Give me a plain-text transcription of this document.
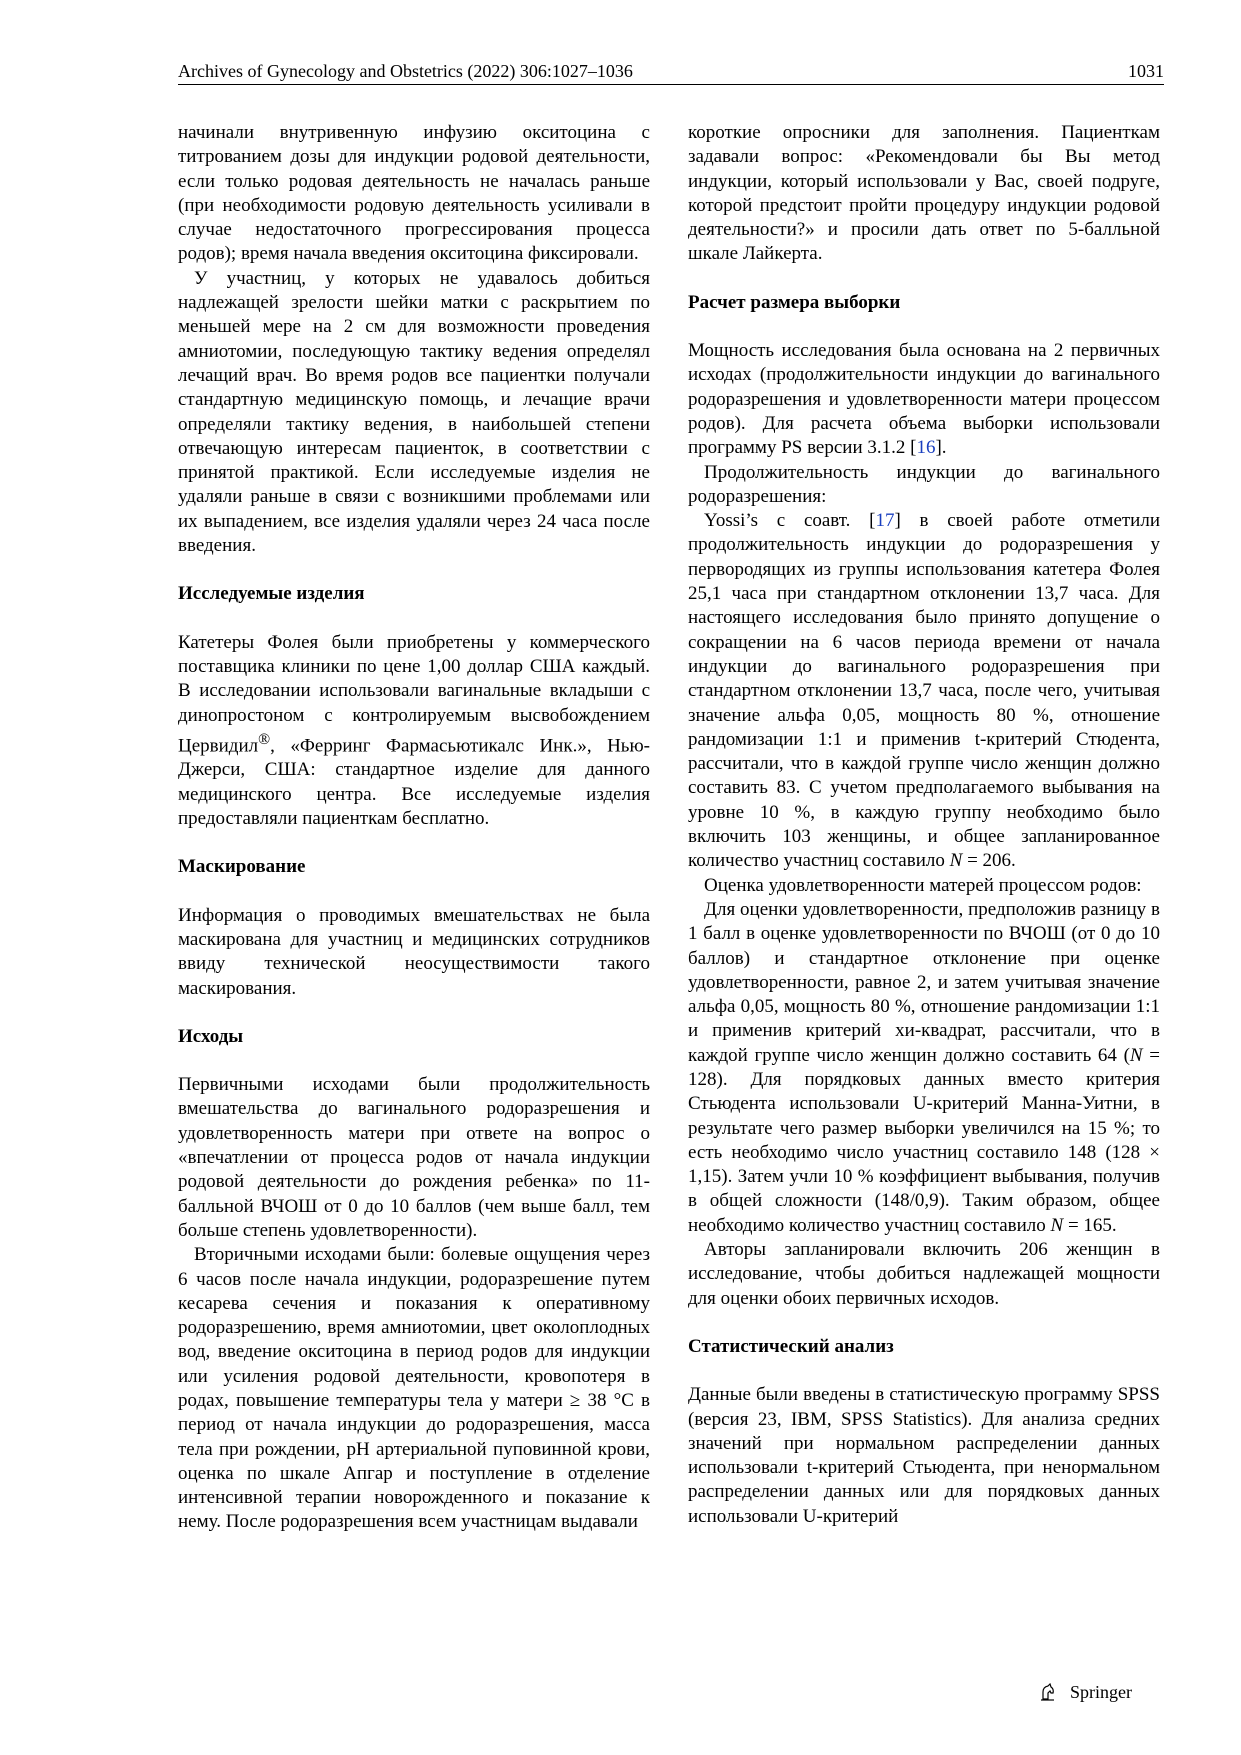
Archives of Gynecology and Obstetrics (2022) 306:1027–1036	1031

начинали внутривенную инфузию окситоцина с титрованием дозы для индукции родовой деятельности, если только родовая деятельность не началась раньше (при необходимости родовую деятельность усиливали в случае недостаточного прогрессирования процесса родов); время начала введения окситоцина фиксировали.

У участниц, у которых не удавалось добиться надлежащей зрелости шейки матки с раскрытием по меньшей мере на 2 см для возможности проведения амниотомии, последующую тактику ведения определял лечащий врач. Во время родов все пациентки получали стандартную медицинскую помощь, и лечащие врачи определяли тактику ведения, в наибольшей степени отвечающую интересам пациенток, в соответствии с принятой практикой. Если исследуемые изделия не удаляли раньше в связи с возникшими проблемами или их выпадением, все изделия удаляли через 24 часа после введения.

Исследуемые изделия

Катетеры Фолея были приобретены у коммерческого поставщика клиники по цене 1,00 доллар США каждый. В исследовании использовали вагинальные вкладыши с динопростоном с контролируемым высвобождением Цервидил®, «Ферринг Фармасьютикалс Инк.», Нью-Джерси, США: стандартное изделие для данного медицинского центра. Все исследуемые изделия предоставляли пациенткам бесплатно.

Маскирование

Информация о проводимых вмешательствах не была маскирована для участниц и медицинских сотрудников ввиду технической неосуществимости такого маскирования.

Исходы

Первичными исходами были продолжительность вмешательства до вагинального родоразрешения и удовлетворенность матери при ответе на вопрос о «впечатлении от процесса родов от начала индукции родовой деятельности до рождения ребенка» по 11-балльной ВЧОШ от 0 до 10 баллов (чем выше балл, тем больше степень удовлетворенности).

Вторичными исходами были: болевые ощущения через 6 часов после начала индукции, родоразрешение путем кесарева сечения и показания к оперативному родоразрешению, время амниотомии, цвет околоплодных вод, введение окситоцина в период родов для индукции или усиления родовой деятельности, кровопотеря в родах, повышение температуры тела у матери ≥ 38 °C в период от начала индукции до родоразрешения, масса тела при рождении, pH артериальной пуповинной крови, оценка по шкале Апгар и поступление в отделение интенсивной терапии новорожденного и показание к нему. После родоразрешения всем участницам выдавали

короткие опросники для заполнения. Пациенткам задавали вопрос: «Рекомендовали бы Вы метод индукции, который использовали у Вас, своей подруге, которой предстоит пройти процедуру индукции родовой деятельности?» и просили дать ответ по 5-балльной шкале Лайкерта.

Расчет размера выборки

Мощность исследования была основана на 2 первичных исходах (продолжительности индукции до вагинального родоразрешения и удовлетворенности матери процессом родов). Для расчета объема выборки использовали программу PS версии 3.1.2 [16].

Продолжительность индукции до вагинального родоразрешения:

Yossi’s с соавт. [17] в своей работе отметили продолжительность индукции до родоразрешения у первородящих из группы использования катетера Фолея 25,1 часа при стандартном отклонении 13,7 часа. Для настоящего исследования было принято допущение о сокращении на 6 часов периода времени от начала индукции до вагинального родоразрешения при стандартном отклонении 13,7 часа, после чего, учитывая значение альфа 0,05, мощность 80 %, отношение рандомизации 1:1 и применив t-критерий Стюдента, рассчитали, что в каждой группе число женщин должно составить 83. С учетом предполагаемого выбывания на уровне 10 %, в каждую группу необходимо было включить 103 женщины, и общее запланированное количество участниц составило N = 206.

Оценка удовлетворенности матерей процессом родов:

Для оценки удовлетворенности, предположив разницу в 1 балл в оценке удовлетворенности по ВЧОШ (от 0 до 10 баллов) и стандартное отклонение при оценке удовлетворенности, равное 2, и затем учитывая значение альфа 0,05, мощность 80 %, отношение рандомизации 1:1 и применив критерий хи-квадрат, рассчитали, что в каждой группе число женщин должно составить 64 (N = 128). Для порядковых данных вместо критерия Стьюдента использовали U-критерий Манна-Уитни, в результате чего размер выборки увеличился на 15 %; то есть необходимо число участниц составило 148 (128 × 1,15). Затем учли 10 % коэффициент выбывания, получив в общей сложности (148/0,9). Таким образом, общее необходимо количество участниц составило N = 165.

Авторы запланировали включить 206 женщин в исследование, чтобы добиться надлежащей мощности для оценки обоих первичных исходов.

Статистический анализ

Данные были введены в статистическую программу SPSS (версия 23, IBM, SPSS Statistics). Для анализа средних значений при нормальном распределении данных использовали t-критерий Стьюдента, при ненормальном распределении данных или для порядковых данных использовали U-критерий

Springer
